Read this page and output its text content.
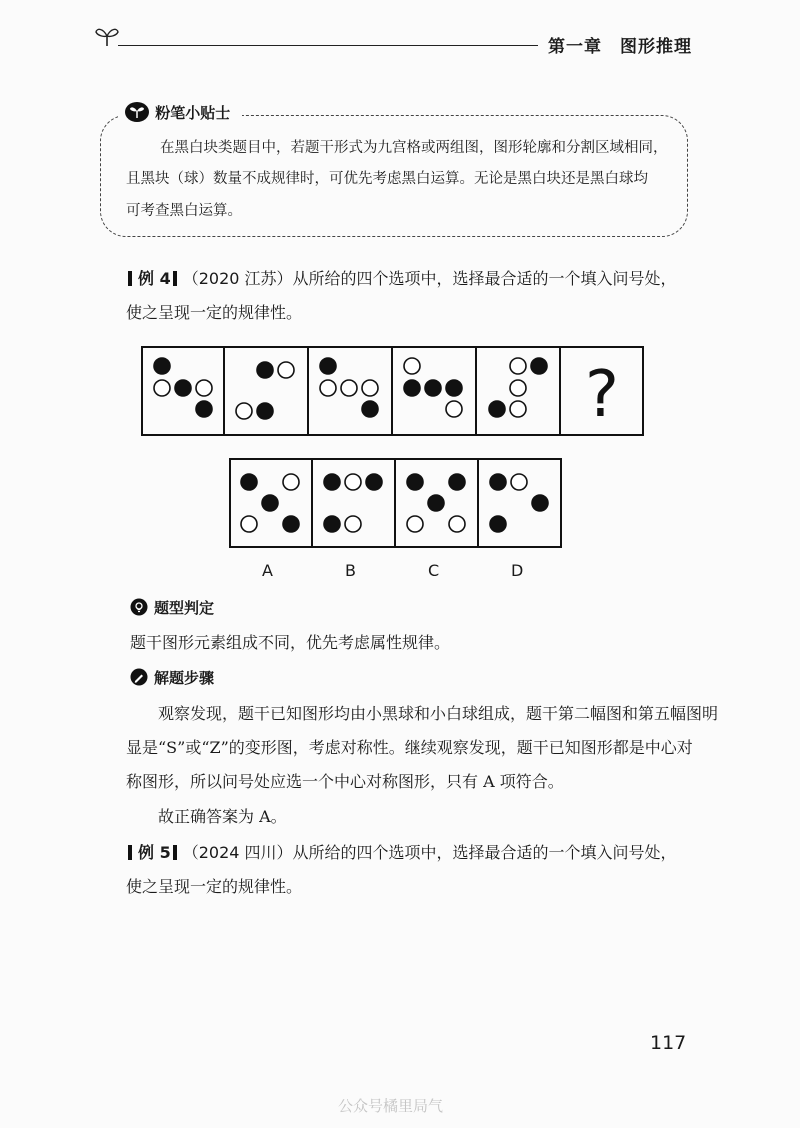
第一章 图形推理
粉笔小贴士
在黑白块类题目中，若题干形式为九宫格或两组图，图形轮廓和分割区域相同，
且黑块（球）数量不成规律时，可优先考虑黑白运算。无论是黑白块还是黑白球均
可考查黑白运算。
例 4 （2020 江苏）从所给的四个选项中，选择最合适的一个填入问号处，
使之呈现一定的规律性。
?
A	B	C	D
题型判定
题干图形元素组成不同，优先考虑属性规律。
解题步骤
观察发现，题干已知图形均由小黑球和小白球组成，题干第二幅图和第五幅图明
显是“S”或“Z”的变形图，考虑对称性。继续观察发现，题干已知图形都是中心对
称图形，所以问号处应选一个中心对称图形，只有 A 项符合。
故正确答案为 A。
例 5 （2024 四川）从所给的四个选项中，选择最合适的一个填入问号处，
使之呈现一定的规律性。
117
公众号橘里局气
